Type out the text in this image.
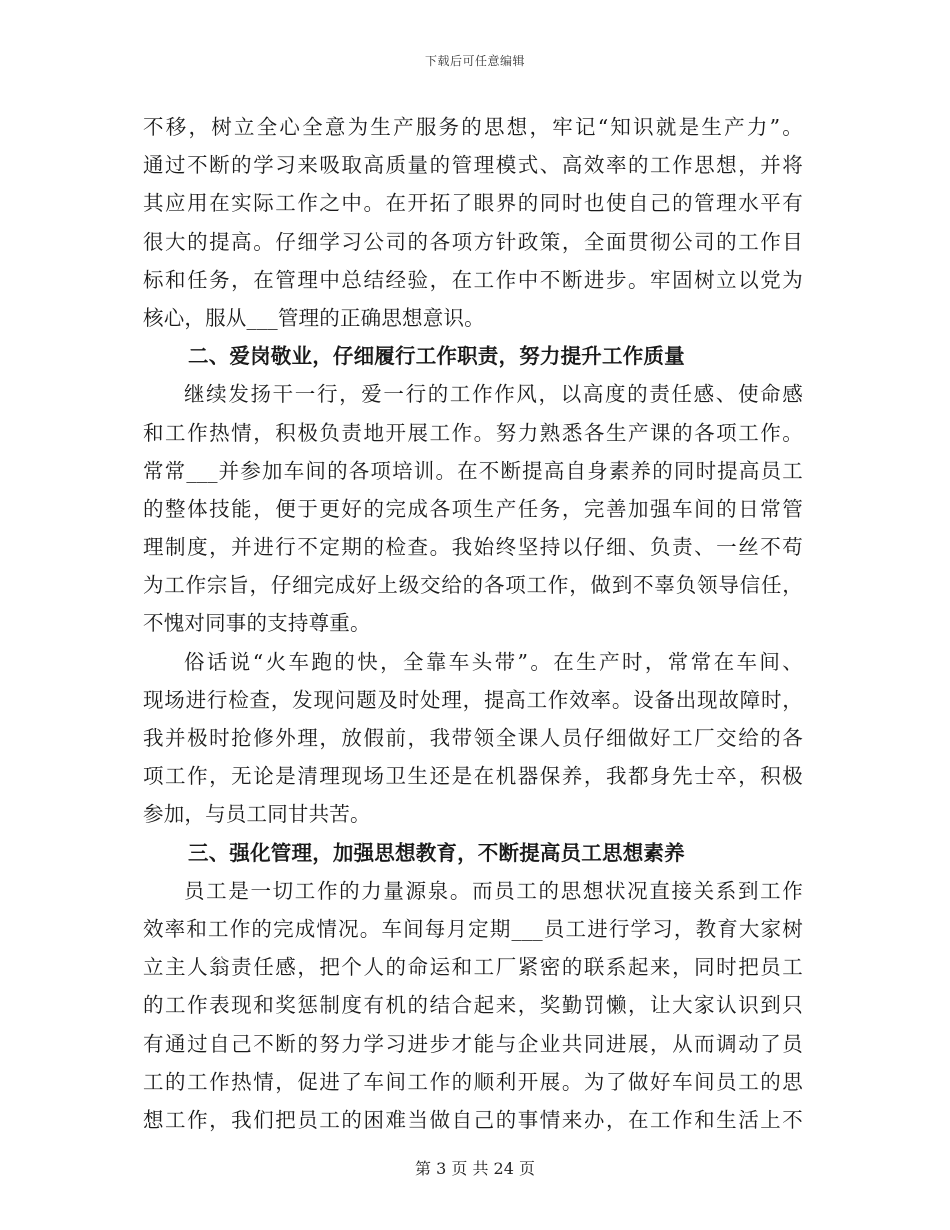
下载后可任意编辑
不移，树立全心全意为生产服务的思想，牢记“知识就是生产力”。
通过不断的学习来吸取高质量的管理模式、高效率的工作思想，并将
其应用在实际工作之中。在开拓了眼界的同时也使自己的管理水平有
很大的提高。仔细学习公司的各项方针政策，全面贯彻公司的工作目
标和任务，在管理中总结经验，在工作中不断进步。牢固树立以党为
核心，服从___管理的正确思想意识。
二、爱岗敬业，仔细履行工作职责，努力提升工作质量
继续发扬干一行，爱一行的工作作风，以高度的责任感、使命感
和工作热情，积极负责地开展工作。努力熟悉各生产课的各项工作。
常常___并参加车间的各项培训。在不断提高自身素养的同时提高员工
的整体技能，便于更好的完成各项生产任务，完善加强车间的日常管
理制度，并进行不定期的检查。我始终坚持以仔细、负责、一丝不苟
为工作宗旨，仔细完成好上级交给的各项工作，做到不辜负领导信任，
不愧对同事的支持尊重。
俗话说“火车跑的快，全靠车头带”。在生产时，常常在车间、
现场进行检查，发现问题及时处理，提高工作效率。设备出现故障时，
我并极时抢修外理，放假前，我带领全课人员仔细做好工厂交给的各
项工作，无论是清理现场卫生还是在机器保养，我都身先士卒，积极
参加，与员工同甘共苦。
三、强化管理，加强思想教育，不断提高员工思想素养
员工是一切工作的力量源泉。而员工的思想状况直接关系到工作
效率和工作的完成情况。车间每月定期___员工进行学习，教育大家树
立主人翁责任感，把个人的命运和工厂紧密的联系起来，同时把员工
的工作表现和奖惩制度有机的结合起来，奖勤罚懒，让大家认识到只
有通过自己不断的努力学习进步才能与企业共同进展，从而调动了员
工的工作热情，促进了车间工作的顺利开展。为了做好车间员工的思
想工作，我们把员工的困难当做自己的事情来办，在工作和生活上不
第 3 页 共 24 页
